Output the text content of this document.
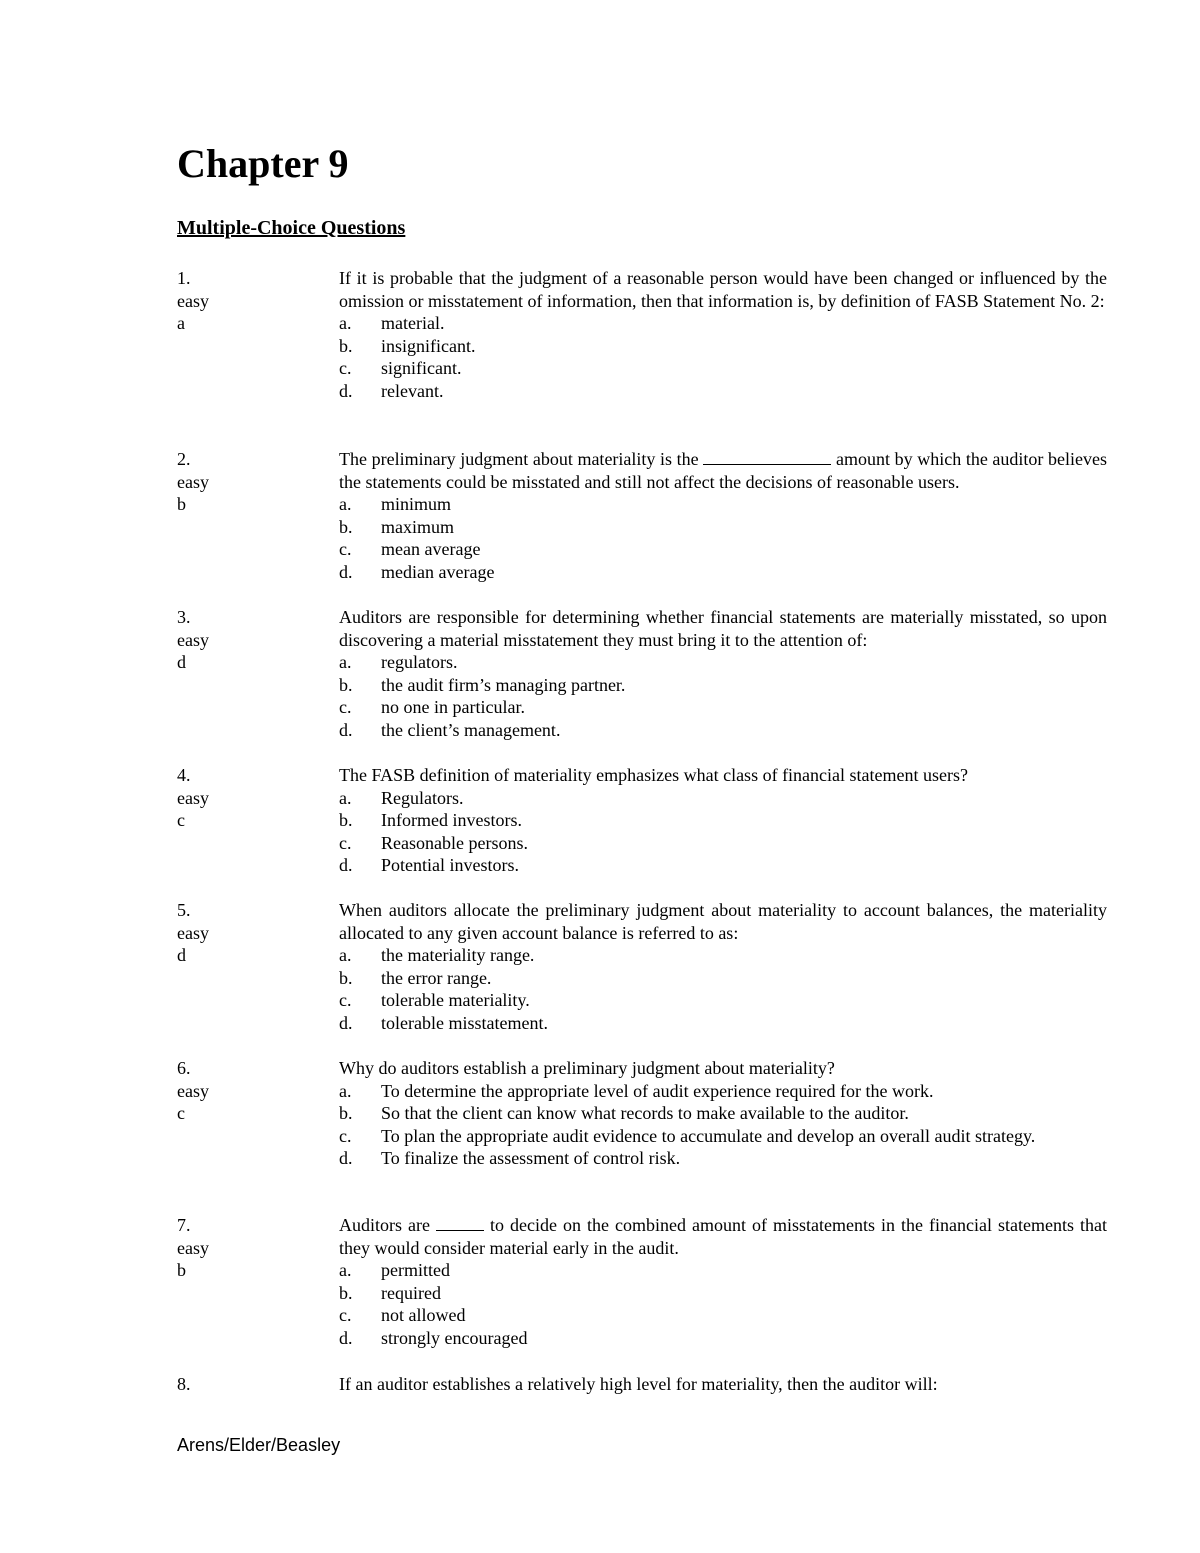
Chapter 9
Multiple-Choice Questions
1.
easy
a
If it is probable that the judgment of a reasonable person would have been changed or influenced by the omission or misstatement of information, then that information is, by definition of FASB Statement No. 2:
a.	material.
b.	insignificant.
c.	significant.
d.	relevant.
2.
easy
b
The preliminary judgment about materiality is the	amount by which the auditor believes the statements could be misstated and still not affect the decisions of reasonable users.
a.	minimum
b.	maximum
c.	mean average
d.	median average
3.
easy
d
Auditors are responsible for determining whether financial statements are materially misstated, so upon discovering a material misstatement they must bring it to the attention of:
a.	regulators.
b.	the audit firm’s managing partner.
c.	no one in particular.
d.	the client’s management.
4.
easy
c
The FASB definition of materiality emphasizes what class of financial statement users?
a.	Regulators.
b.	Informed investors.
c.	Reasonable persons.
d.	Potential investors.
5.
easy
d
When auditors allocate the preliminary judgment about materiality to account balances, the materiality allocated to any given account balance is referred to as:
a.	the materiality range.
b.	the error range.
c.	tolerable materiality.
d.	tolerable misstatement.
6.
easy
c
Why do auditors establish a preliminary judgment about materiality?
a.	To determine the appropriate level of audit experience required for the work.
b.	So that the client can know what records to make available to the auditor.
c. To plan the appropriate audit evidence to accumulate and develop an overall audit strategy.
d.	To finalize the assessment of control risk.
7.
easy
b
Auditors are	to decide on the combined amount of misstatements in the financial statements that they would consider material early in the audit.
a.	permitted
b.	required
c.	not allowed
d.	strongly encouraged
8.	If an auditor establishes a relatively high level for materiality, then the auditor will:

Arens/Elder/Beasley
